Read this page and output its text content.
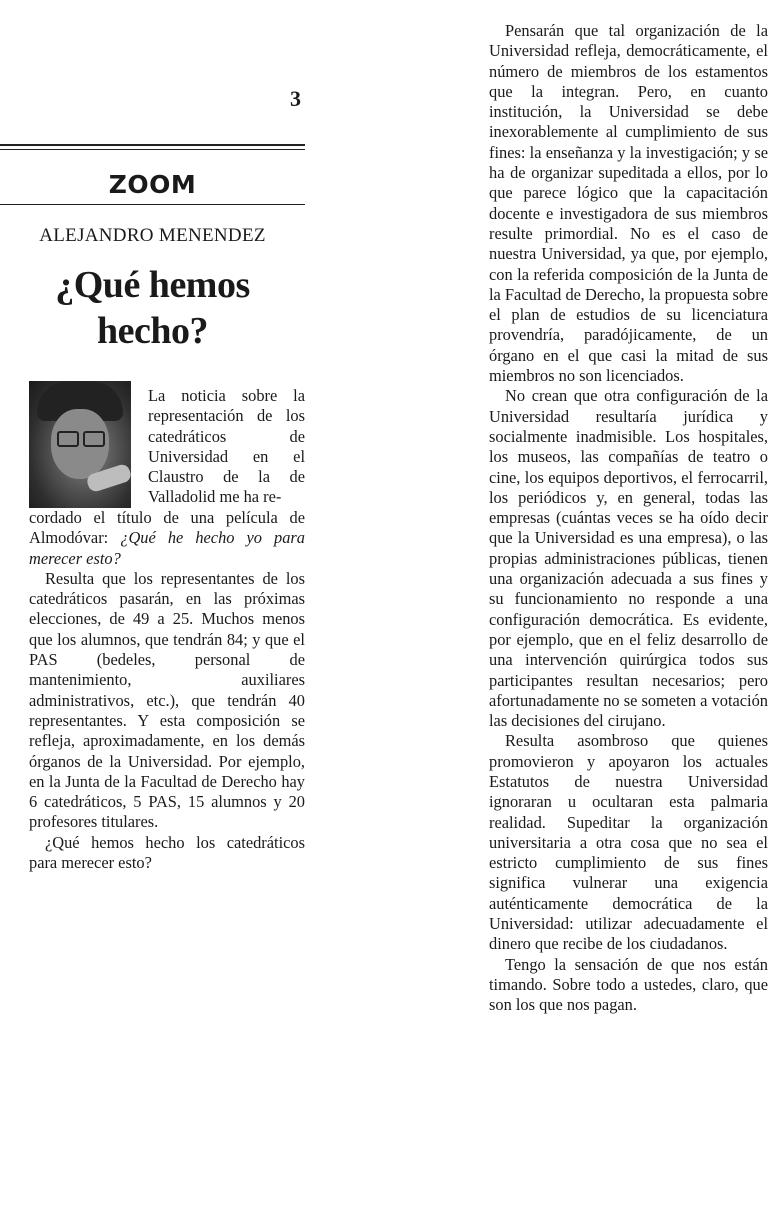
3
ZOOM
ALEJANDRO MENENDEZ
¿Qué hemos
hecho?

La noticia sobre la representación de los catedráticos de Universidad en el Claustro de la de Valladolid me ha re-

cordado el título de una película de Almodóvar: ¿Qué he hecho yo para merecer esto?

Resulta que los representantes de los catedráticos pasarán, en las próximas elecciones, de 49 a 25. Muchos menos que los alumnos, que tendrán 84; y que el PAS (bedeles, personal de mantenimiento, auxiliares administrativos, etc.), que tendrán 40 representantes. Y esta composición se refleja, aproximadamente, en los demás órganos de la Universidad. Por ejemplo, en la Junta de la Facultad de Derecho hay 6 catedráticos, 5 PAS, 15 alumnos y 20 profesores titulares.

¿Qué hemos hecho los catedráticos para merecer esto?

Pensarán que tal organización de la Universidad refleja, democráticamente, el número de miembros de los estamentos que la integran. Pero, en cuanto institución, la Universidad se debe inexorablemente al cumplimiento de sus fines: la enseñanza y la investigación; y se ha de organizar supeditada a ellos, por lo que parece lógico que la capacitación docente e investigadora de sus miembros resulte primordial. No es el caso de nuestra Universidad, ya que, por ejemplo, con la referida composición de la Junta de la Facultad de Derecho, la propuesta sobre el plan de estudios de su licenciatura provendría, paradójicamente, de un órgano en el que casi la mitad de sus miembros no son licenciados.

No crean que otra configuración de la Universidad resultaría jurídica y socialmente inadmisible. Los hospitales, los museos, las compañías de teatro o cine, los equipos deportivos, el ferrocarril, los periódicos y, en general, todas las empresas (cuántas veces se ha oído decir que la Universidad es una empresa), o las propias administraciones públicas, tienen una organización adecuada a sus fines y su funcionamiento no responde a una configuración democrática. Es evidente, por ejemplo, que en el feliz desarrollo de una intervención quirúrgica todos sus participantes resultan necesarios; pero afortunadamente no se someten a votación las decisiones del cirujano.

Resulta asombroso que quienes promovieron y apoyaron los actuales Estatutos de nuestra Universidad ignoraran u ocultaran esta palmaria realidad. Supeditar la organización universitaria a otra cosa que no sea el estricto cumplimiento de sus fines significa vulnerar una exigencia auténticamente democrática de la Universidad: utilizar adecuadamente el dinero que recibe de los ciudadanos.

Tengo la sensación de que nos están timando. Sobre todo a ustedes, claro, que son los que nos pagan.
